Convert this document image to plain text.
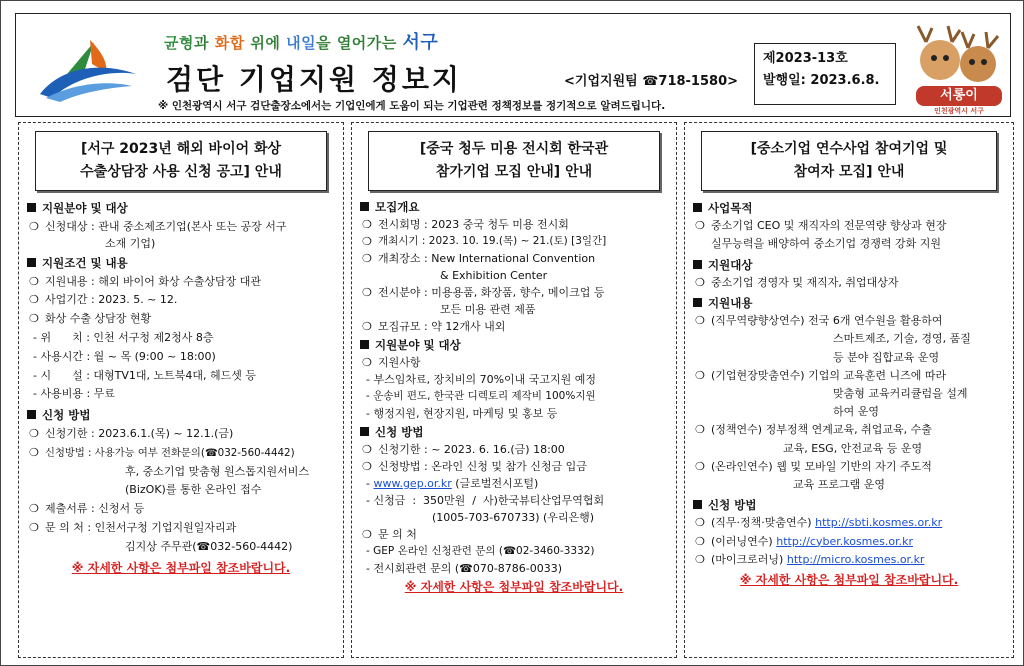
균형과 화합 위에 내일을 열어가는 서구
검단 기업지원 정보지	<기업지원팀 ☎718-1580>
※ 인천광역시 서구 검단출장소에서는 기업인에게 도움이 되는 기업관련 정책정보를 정기적으로 알려드립니다.
제2023-13호
발행일: 2023.6.8.
서롱이
인천광역시 서구
[서구 2023년 해외 바이어 화상
수출상담장 사용 신청 공고] 안내
지원분야 및 대상
❍ 신청대상 : 관내 중소제조기업(본사 또는 공장 서구
소재 기업)
지원조건 및 내용
❍ 지원내용 : 해외 바이어 화상 수출상담장 대관
❍ 사업기간 : 2023. 5. ~ 12.
❍ 화상 수출 상담장 현황
- 위      치 : 인천 서구청 제2청사 8층
- 사용시간 : 월 ~ 목 (9:00 ~ 18:00)
- 시      설 : 대형TV1대, 노트북4대, 헤드셋 등
- 사용비용 : 무료
신청 방법
❍ 신청기한 : 2023.6.1.(목) ~ 12.1.(금)
❍ 신청방법 : 사용가능 여부 전화문의(☎032-560-4442)
후, 중소기업 맞춤형 원스톱지원서비스
(BizOK)를 통한 온라인 접수
❍ 제출서류 : 신청서 등
❍ 문 의 처 : 인천서구청 기업지원일자리과
김지상 주무관(☎032-560-4442)
※ 자세한 사항은 첨부파일 참조바랍니다.
[중국 청두 미용 전시회 한국관
참가기업 모집 안내] 안내
모집개요
❍ 전시회명 : 2023 중국 청두 미용 전시회
❍ 개최시기 : 2023. 10. 19.(목) ~ 21.(토) [3일간]
❍ 개최장소 : New International Convention
& Exhibition Center
❍ 전시분야 : 미용용품, 화장품, 향수, 메이크업 등
모든 미용 관련 제품
❍ 모집규모 : 약 12개사 내외
지원분야 및 대상
❍ 지원사항
- 부스임차료, 장치비의 70%이내 국고지원 예정
- 운송비 편도, 한국관 디렉토리 제작비 100%지원
- 행정지원, 현장지원, 마케팅 및 홍보 등
신청 방법
❍ 신청기한 : ~ 2023. 6. 16.(금) 18:00
❍ 신청방법 : 온라인 신청 및 참가 신청금 입금
- www.gep.or.kr (글로벌전시포털)
- 신청금  :  350만원  /  사)한국뷰티산업무역협회
(1005-703-670733) (우리은행)
❍ 문 의 처
- GEP 온라인 신청관련 문의 (☎02-3460-3332)
- 전시회관련 문의 (☎070-8786-0033)
※ 자세한 사항은 첨부파일 참조바랍니다.
[중소기업 연수사업 참여기업 및
참여자 모집] 안내
사업목적
❍ 중소기업 CEO 및 재직자의 전문역량 향상과 현장
실무능력을 배양하여 중소기업 경쟁력 강화 지원
지원대상
❍ 중소기업 경영자 및 재직자, 취업대상자
지원내용
❍ (직무역량향상연수) 전국 6개 연수원을 활용하여
스마트제조, 기술, 경영, 품질
등 분야 집합교육 운영
❍ (기업현장맞춤연수) 기업의 교육훈련 니즈에 따라
맞춤형 교육커리큘럼을 설계
하여 운영
❍ (정책연수) 정부정책 연계교육, 취업교육, 수출
교육, ESG, 안전교육 등 운영
❍ (온라인연수) 웹 및 모바일 기반의 자기 주도적
교육 프로그램 운영
신청 방법
❍ (직무·정책·맞춤연수) http://sbti.kosmes.or.kr
❍ (이러닝연수) http://cyber.kosmes.or.kr
❍ (마이크로러닝) http://micro.kosmes.or.kr
※ 자세한 사항은 첨부파일 참조바랍니다.
